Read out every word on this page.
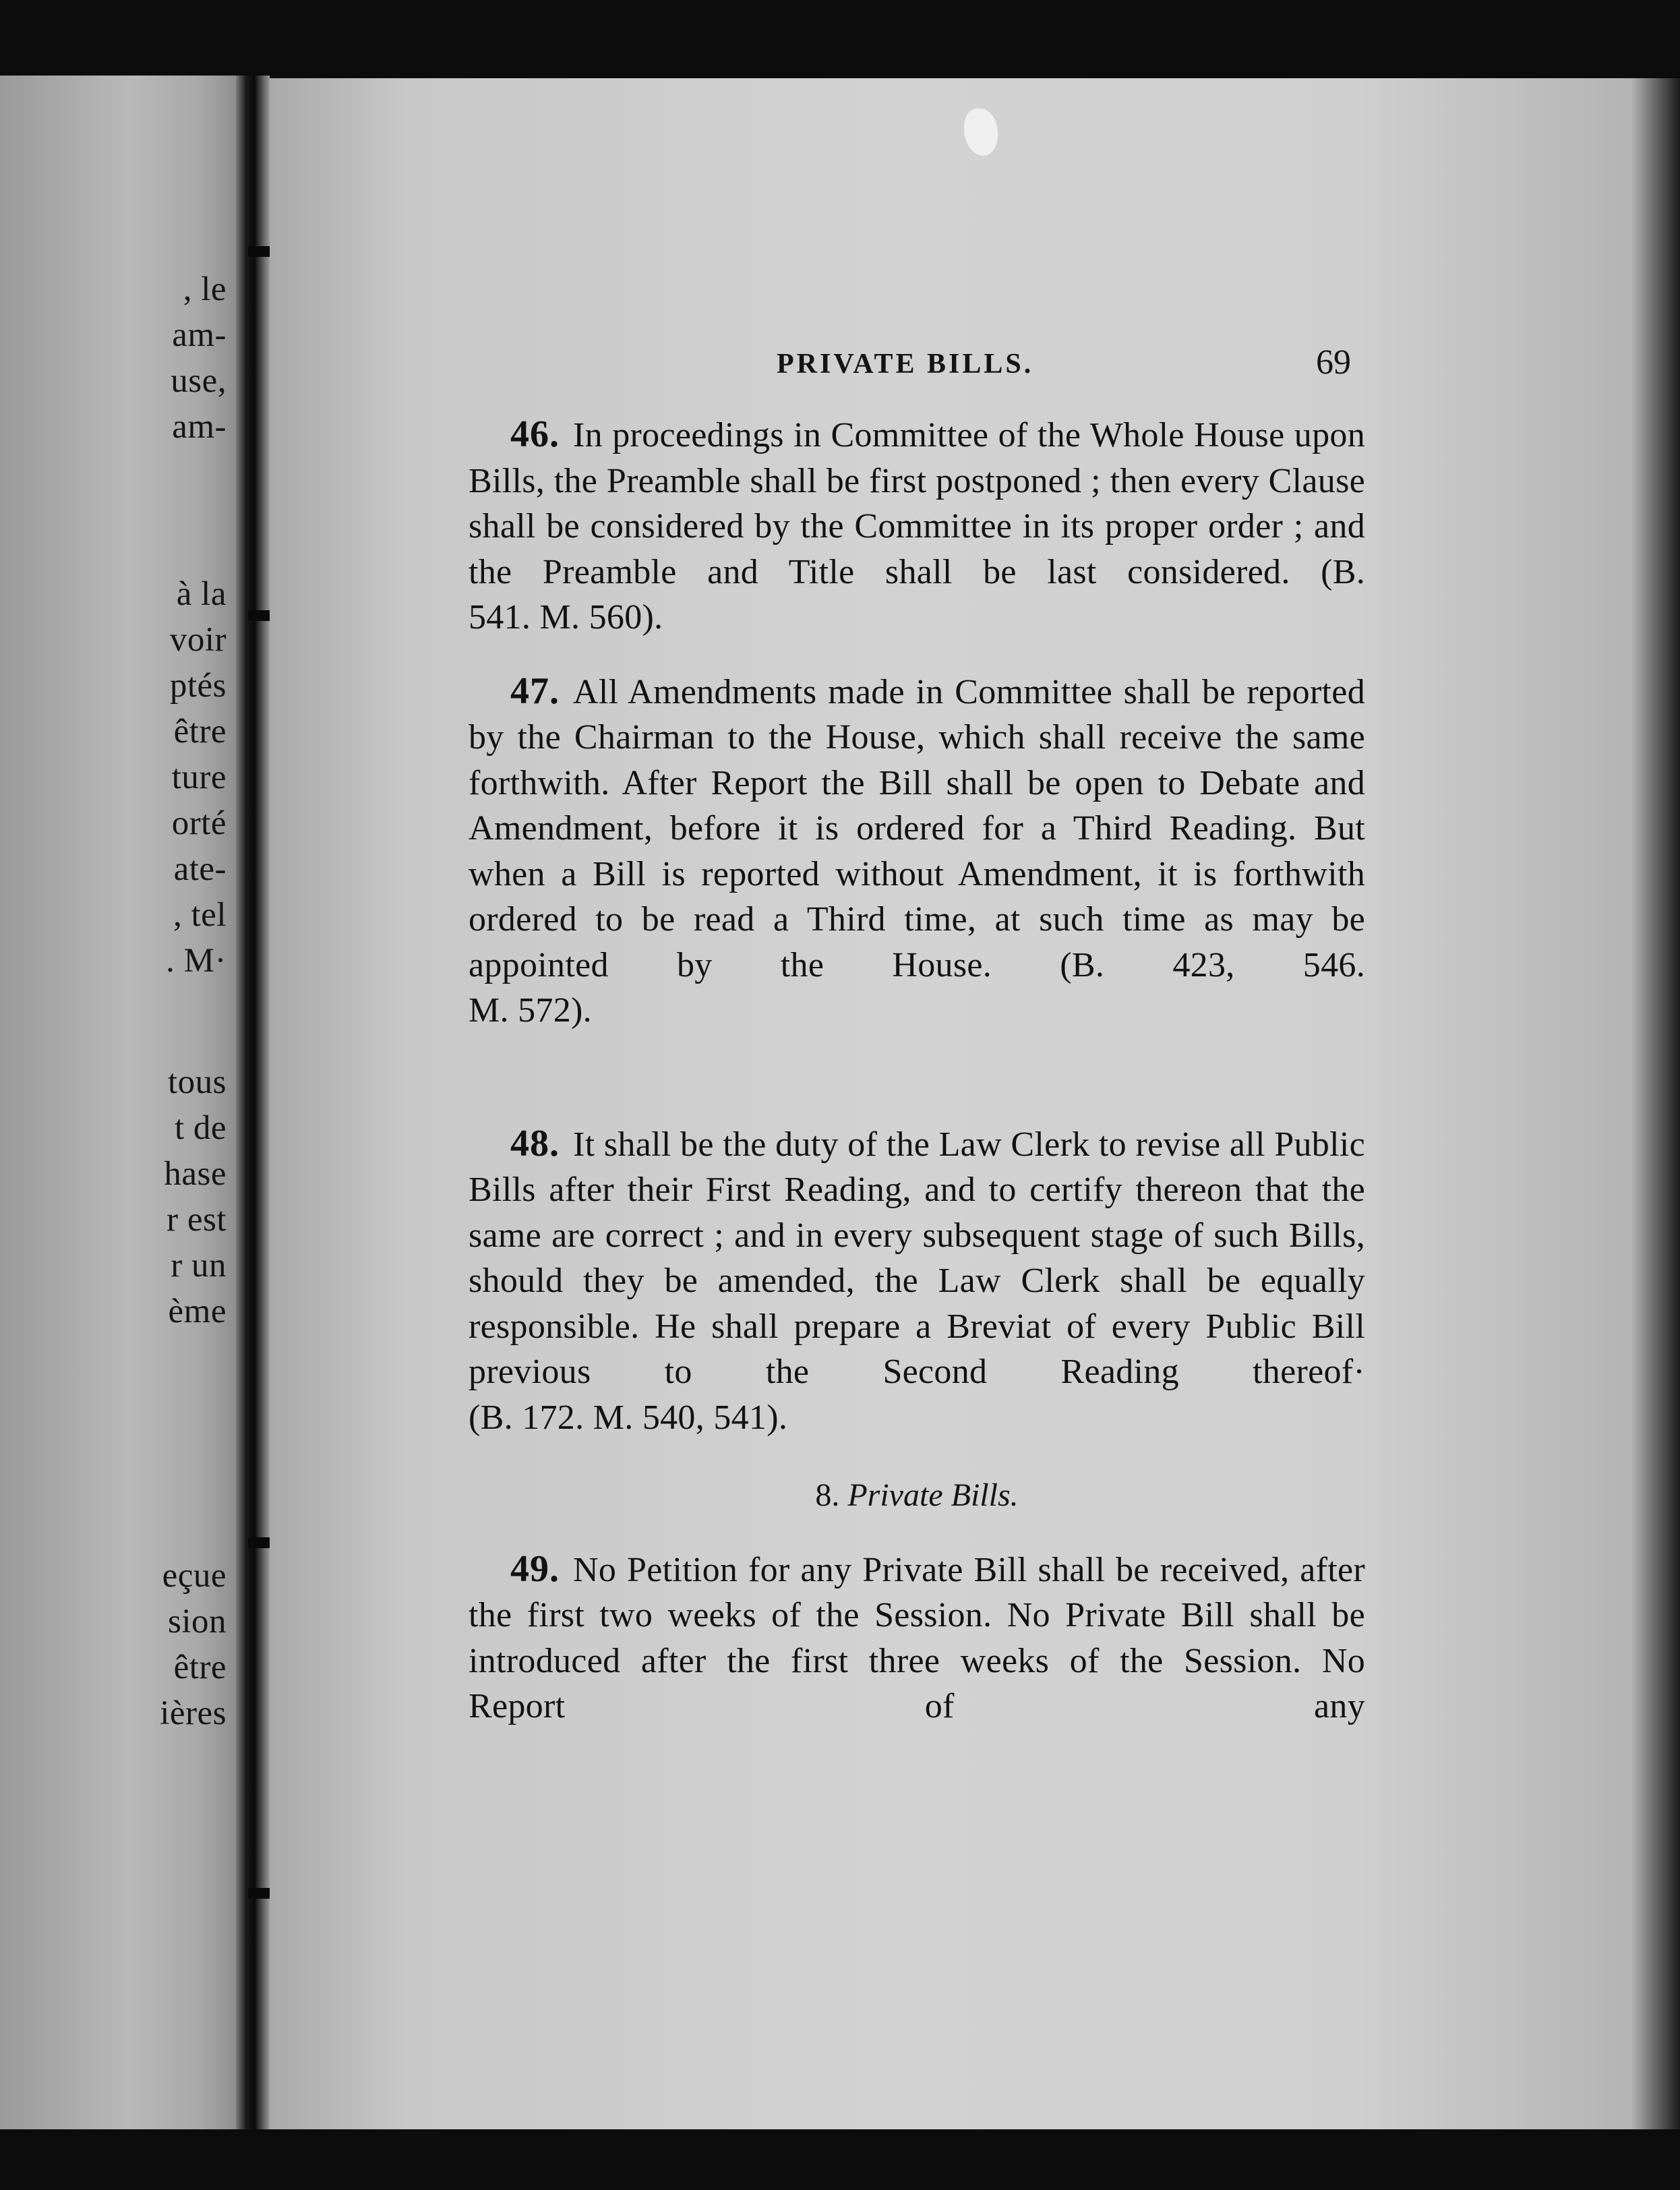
, le

am-

use,

am-

à la

voir

ptés

être

ture

orté

ate-

, tel

. M·

tous

t de

hase

r est

r un

ème

eçue

sion

être

ières

PRIVATE BILLS.	69

46. In proceedings in Committee of the Whole House upon Bills, the Preamble shall be first postponed ; then every Clause shall be considered by the Committee in its proper order ; and the Preamble and Title shall be last considered. (B.

541. M. 560).

47. All Amendments made in Committee shall be reported by the Chairman to the House, which shall receive the same forthwith. After Report the Bill shall be open to Debate and Amendment, before it is ordered for a Third Reading. But when a Bill is reported without Amendment, it is forthwith ordered to be read a Third time, at such time as may be appointed by the House. (B. 423, 546.

M. 572).

48. It shall be the duty of the Law Clerk to revise all Public Bills after their First Reading, and to certify thereon that the same are correct ; and in every subsequent stage of such Bills, should they be amended, the Law Clerk shall be equally responsible. He shall prepare a Breviat of every Public Bill previous to the Second Reading thereof·

(B. 172. M. 540, 541).

8. Private Bills.

49. No Petition for any Private Bill shall be received, after the first two weeks of the Session. No Private Bill shall be introduced after the first three weeks of the Session. No Report of any
